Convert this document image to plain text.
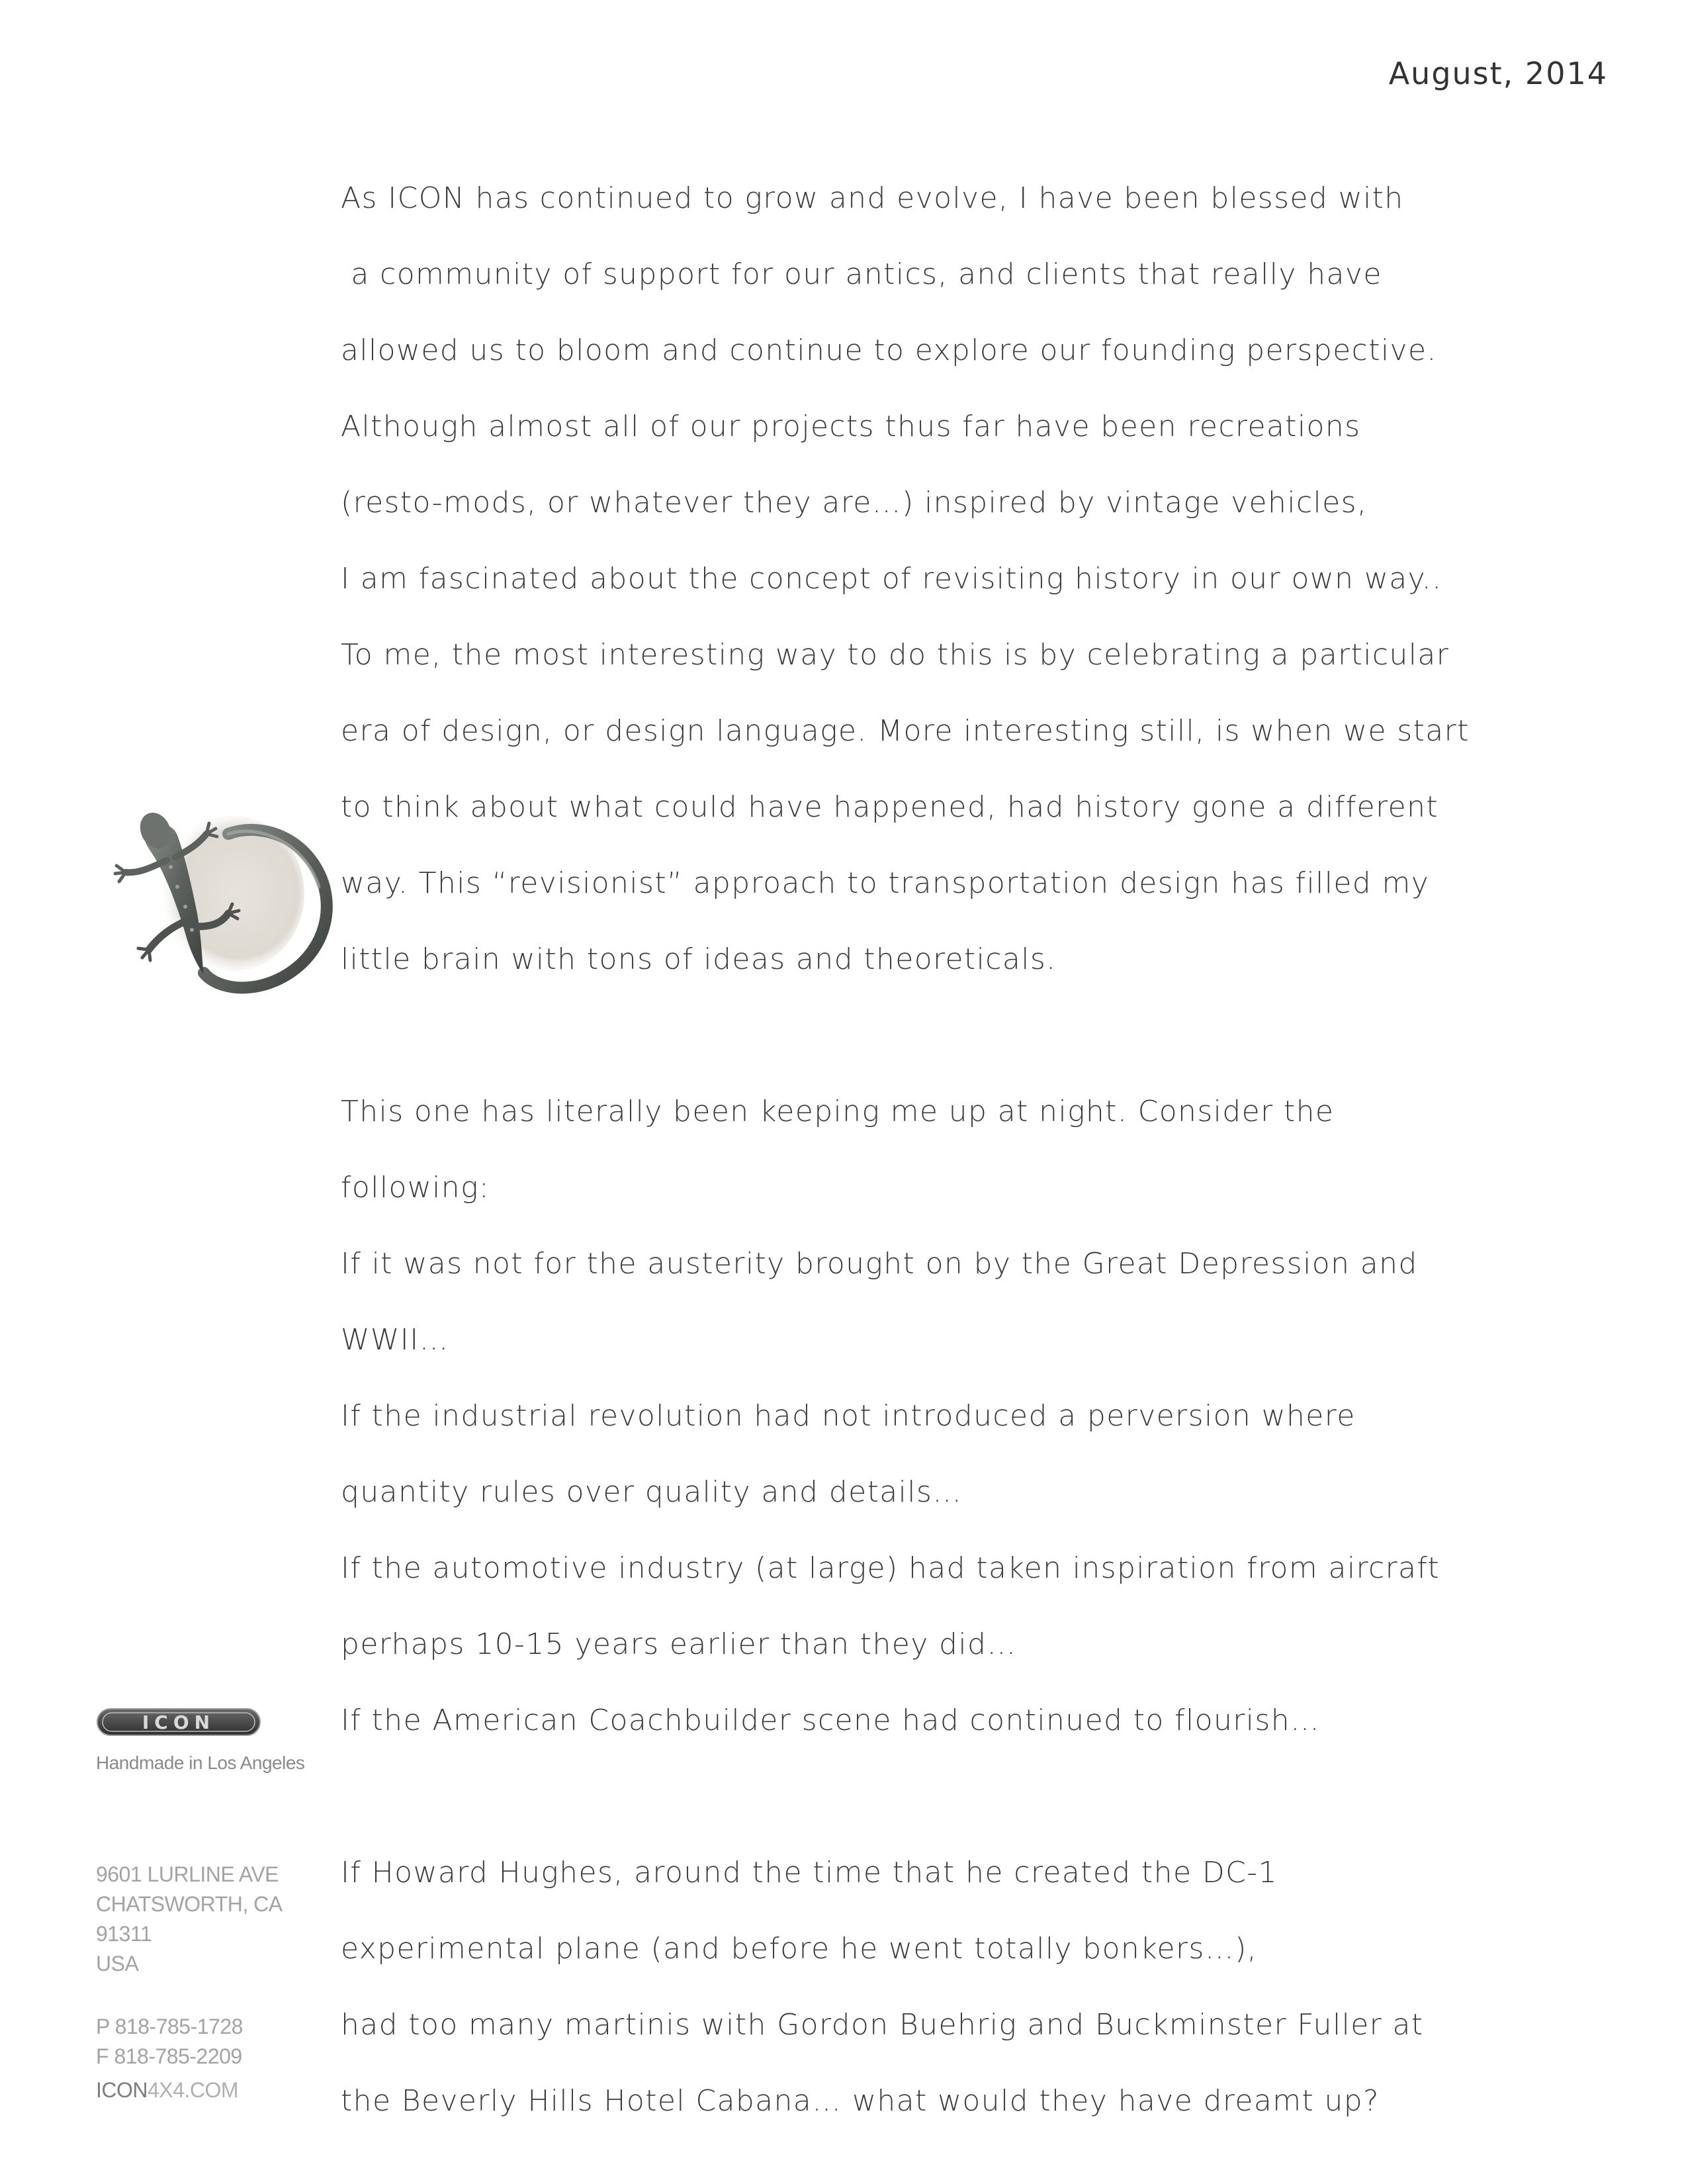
August, 2014
As ICON has continued to grow and evolve, I have been blessed with
a community of support for our antics, and clients that really have
allowed us to bloom and continue to explore our founding perspective.
Although almost all of our projects thus far have been recreations
(resto-mods, or whatever they are…) inspired by vintage vehicles,
I am fascinated about the concept of revisiting history in our own way..
To me, the most interesting way to do this is by celebrating a particular
era of design, or design language. More interesting still, is when we start
to think about what could have happened, had history gone a different
way. This “revisionist” approach to transportation design has filled my
little brain with tons of ideas and theoreticals.
This one has literally been keeping me up at night. Consider the
following:
If it was not for the austerity brought on by the Great Depression and
WWII…
If the industrial revolution had not introduced a perversion where
quantity rules over quality and details…
If the automotive industry (at large) had taken inspiration from aircraft
perhaps 10-15 years earlier than they did…
If the American Coachbuilder scene had continued to flourish…
If Howard Hughes, around the time that he created the DC-1
experimental plane (and before he went totally bonkers…),
had too many martinis with Gordon Buehrig and Buckminster Fuller at
the Beverly Hills Hotel Cabana… what would they have dreamt up?
ICON
Handmade in Los Angeles
9601 LURLINE AVE
CHATSWORTH, CA
91311
USA
P 818-785-1728
F 818-785-2209
ICON4X4.COM
